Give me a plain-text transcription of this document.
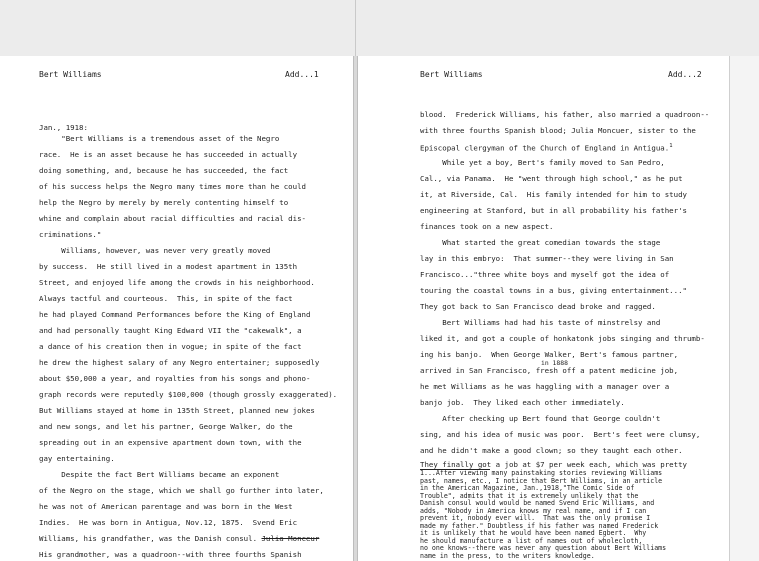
Bert Williams	Add...1
Jan., 1918:
"Bert Williams is a tremendous asset of the Negro
race.  He is an asset because he has succeeded in actually
doing something, and, because he has succeeded, the fact
of his success helps the Negro many times more than he could
help the Negro by merely by merely contenting himself to
whine and complain about racial difficulties and racial dis-
criminations."
Williams, however, was never very greatly moved
by success.  He still lived in a modest apartment in 135th
Street, and enjoyed life among the crowds in his neighborhood.
Always tactful and courteous.  This, in spite of the fact
he had played Command Performances before the King of England
and had personally taught King Edward VII the "cakewalk", a
a dance of his creation then in vogue; in spite of the fact
he drew the highest salary of any Negro entertainer; supposedly
about $50,000 a year, and royalties from his songs and phono-
graph records were reputedly $100,000 (though grossly exaggerated).
But Williams stayed at home in 135th Street, planned new jokes
and new songs, and let his partner, George Walker, do the
spreading out in an expensive apartment down town, with the
gay entertaining.
Despite the fact Bert Williams became an exponent
of the Negro on the stage, which we shall go further into later,
he was not of American parentage and was born in the West
Indies.  He was born in Antigua, Nov.12, 1875.  Svend Eric
Williams, his grandfather, was the Danish consul. Julia Monceur
His grandmother, was a quadroon--with three fourths Spanish
Bert Williams	Add...2
blood.  Frederick Williams, his father, also married a quadroon--
with three fourths Spanish blood; Julia Moncuer, sister to the
Episcopal clergyman of the Church of England in Antigua.$^1$
While yet a boy, Bert's family moved to San Pedro,
Cal., via Panama.  He "went through high school," as he put
it, at Riverside, Cal.  His family intended for him to study
engineering at Stanford, but in all probability his father's
finances took on a new aspect.
What started the great comedian towards the stage
lay in this embryo:  That summer--they were living in San
Francisco..."three white boys and myself got the idea of
touring the coastal towns in a bus, giving entertainment..."
They got back to San Francisco dead broke and ragged.
Bert Williams had had his taste of minstrelsy and
liked it, and got a couple of honkatonk jobs singing and thrumb-
ing his banjo.  When George Walker, Bert's famous partner,
in 1888
arrived in San Francisco, fresh off a patent medicine job,
he met Williams as he was haggling with a manager over a
banjo job.  They liked each other immediately.
After checking up Bert found that George couldn't
sing, and his idea of music was poor.  Bert's feet were clumsy,
and he didn't make a good clown; so they taught each other.
They finally got a job at $7 per week each, which was pretty
1...After viewing many painstaking stories reviewing Williams
past, names, etc., I notice that Bert Williams, in an article
in the American Magazine, Jan.,1918,"The Comic Side of
Trouble", admits that it is extremely unlikely that the
Danish consul would would be named Svend Eric Williams, and
adds, "Nobody in America knows my real name, and if I can
prevent it, nobody ever will.  That was the only promise I
made my father." Doubtless if his father was named Frederick
it is unlikely that he would have been named Egbert.  Why
he should manufacture a list of names out of wholecloth,
no one knows--there was never any question about Bert Williams
name in the press, to the writers knowledge.
